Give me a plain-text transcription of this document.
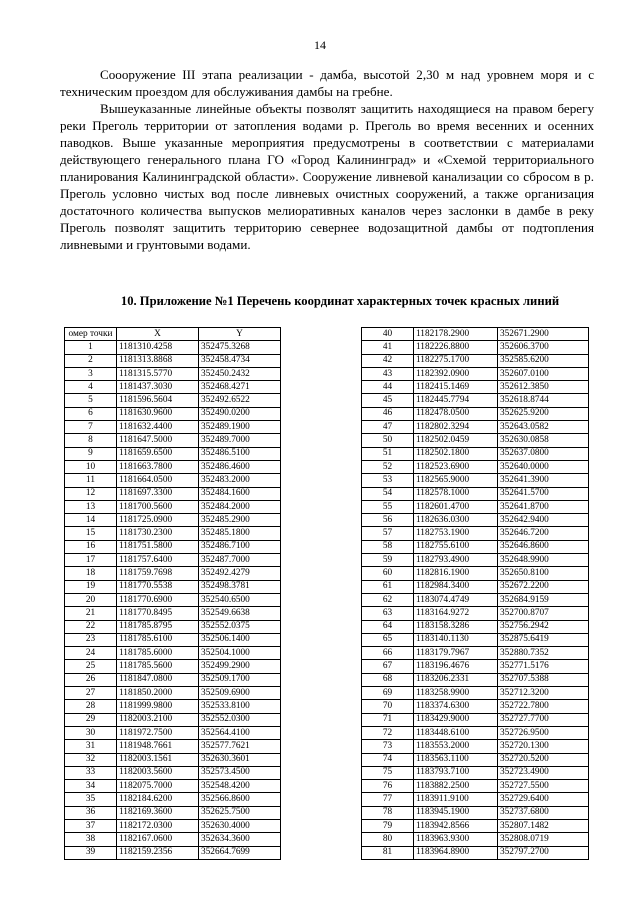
14

Соооружение III этапа реализации - дамба, высотой 2,30 м над уровнем моря и с техническим проездом для обслуживания дамбы на гребне.

Вышеуказанные линейные объекты позволят защитить находящиеся на правом берегу реки Преголь территории от затопления водами р. Преголь во время весенних и осенних паводков. Выше указанные мероприятия предусмотрены в соответствии с материалами действующего генерального плана ГО «Город Калининград» и «Схемой территориального планирования Калининградской области». Сооружение ливневой канализации со сбросом в р. Преголь условно чистых вод после ливневых очистных сооружений, а также организация достаточного количества выпусков мелиоративных каналов через заслонки в дамбе в реку Преголь позволят защитить территорию севернее водозащитной дамбы от подтопления ливневыми и грунтовыми водами.

10. Приложение №1 Перечень координат характерных точек красных линий
омер точки	X	Y
1	1181310.4258	352475.3268
2	1181313.8868	352458.4734
3	1181315.5770	352450.2432
4	1181437.3030	352468.4271
5	1181596.5604	352492.6522
6	1181630.9600	352490.0200
7	1181632.4400	352489.1900
8	1181647.5000	352489.7000
9	1181659.6500	352486.5100
10	1181663.7800	352486.4600
11	1181664.0500	352483.2000
12	1181697.3300	352484.1600
13	1181700.5600	352484.2000
14	1181725.0900	352485.2900
15	1181730.2300	352485.1800
16	1181751.5800	352486.7100
17	1181757.6400	352487.7000
18	1181759.7698	352492.4279
19	1181770.5538	352498.3781
20	1181770.6900	352540.6500
21	1181770.8495	352549.6638
22	1181785.8795	352552.0375
23	1181785.6100	352506.1400
24	1181785.6000	352504.1000
25	1181785.5600	352499.2900
26	1181847.0800	352509.1700
27	1181850.2000	352509.6900
28	1181999.9800	352533.8100
29	1182003.2100	352552.0300
30	1181972.7500	352564.4100
31	1181948.7661	352577.7621
32	1182003.1561	352630.3601
33	1182003.5600	352573.4500
34	1182075.7000	352548.4200
35	1182184.6200	352566.8600
36	1182169.3600	352625.7500
37	1182172.0300	352630.4000
38	1182167.0600	352634.3600
39	1182159.2356	352664.7699
40	1182178.2900	352671.2900
41	1182226.8800	352606.3700
42	1182275.1700	352585.6200
43	1182392.0900	352607.0100
44	1182415.1469	352612.3850
45	1182445.7794	352618.8744
46	1182478.0500	352625.9200
47	1182802.3294	352643.0582
50	1182502.0459	352630.0858
51	1182502.1800	352637.0800
52	1182523.6900	352640.0000
53	1182565.9000	352641.3900
54	1182578.1000	352641.5700
55	1182601.4700	352641.8700
56	1182636.0300	352642.9400
57	1182753.1900	352646.7200
58	1182755.6100	352646.8600
59	1182793.4900	352648.9900
60	1182816.1900	352650.8100
61	1182984.3400	352672.2200
62	1183074.4749	352684.9159
63	1183164.9272	352700.8707
64	1183158.3286	352756.2942
65	1183140.1130	352875.6419
66	1183179.7967	352880.7352
67	1183196.4676	352771.5176
68	1183206.2331	352707.5388
69	1183258.9900	352712.3200
70	1183374.6300	352722.7800
71	1183429.9000	352727.7700
72	1183448.6100	352726.9500
73	1183553.2000	352720.1300
74	1183563.1100	352720.5200
75	1183793.7100	352723.4900
76	1183882.2500	352727.5500
77	1183911.9100	352729.6400
78	1183945.1900	352737.6800
79	1183942.8566	352807.1482
80	1183963.9300	352808.0719
81	1183964.8900	352797.2700
